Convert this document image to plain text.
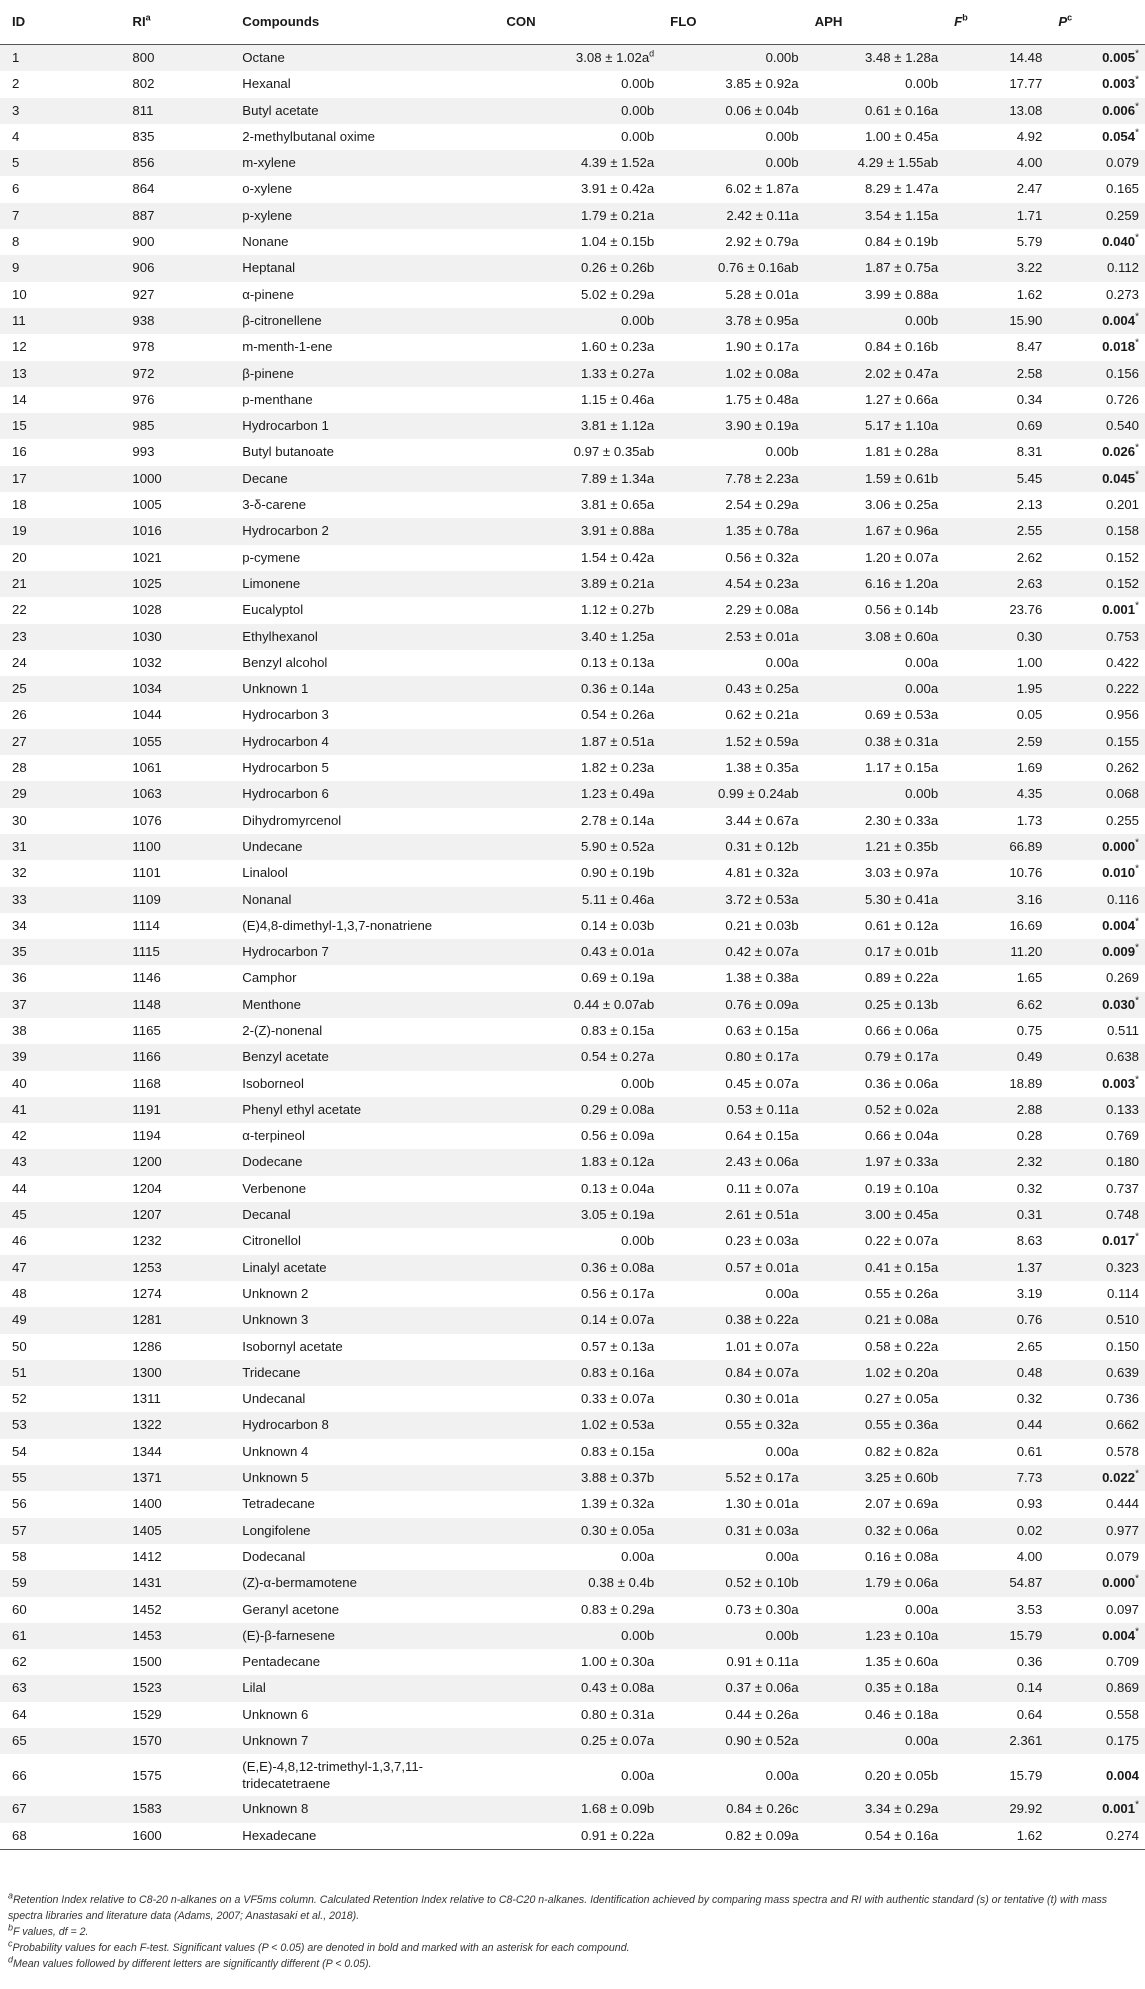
ID	$RI^a$	Compounds	CON	FLO	APH	$F^b$	$P^c$
1	800	Octane	$3.08 \pm 1.02a^d$	0.00b	3.48 ± 1.28a	14.48	0.005*
2	802	Hexanal	0.00b	3.85 ± 0.92a	0.00b	17.77	0.003*
3	811	Butyl acetate	0.00b	0.06 ± 0.04b	0.61 ± 0.16a	13.08	0.006*
4	835	2-methylbutanal oxime	0.00b	0.00b	1.00 ± 0.45a	4.92	0.054*
5	856	m-xylene	4.39 ± 1.52a	0.00b	4.29 ± 1.55ab	4.00	0.079
6	864	o-xylene	3.91 ± 0.42a	6.02 ± 1.87a	8.29 ± 1.47a	2.47	0.165
7	887	p-xylene	1.79 ± 0.21a	2.42 ± 0.11a	3.54 ± 1.15a	1.71	0.259
8	900	Nonane	1.04 ± 0.15b	2.92 ± 0.79a	0.84 ± 0.19b	5.79	0.040*
9	906	Heptanal	0.26 ± 0.26b	0.76 ± 0.16ab	1.87 ± 0.75a	3.22	0.112
10	927	α-pinene	5.02 ± 0.29a	5.28 ± 0.01a	3.99 ± 0.88a	1.62	0.273
11	938	β-citronellene	0.00b	3.78 ± 0.95a	0.00b	15.90	0.004*
12	978	m-menth-1-ene	1.60 ± 0.23a	1.90 ± 0.17a	0.84 ± 0.16b	8.47	0.018*
13	972	β-pinene	1.33 ± 0.27a	1.02 ± 0.08a	2.02 ± 0.47a	2.58	0.156
14	976	p-menthane	1.15 ± 0.46a	1.75 ± 0.48a	1.27 ± 0.66a	0.34	0.726
15	985	Hydrocarbon 1	3.81 ± 1.12a	3.90 ± 0.19a	5.17 ± 1.10a	0.69	0.540
16	993	Butyl butanoate	0.97 ± 0.35ab	0.00b	1.81 ± 0.28a	8.31	0.026*
17	1000	Decane	7.89 ± 1.34a	7.78 ± 2.23a	1.59 ± 0.61b	5.45	0.045*
18	1005	3-δ-carene	3.81 ± 0.65a	2.54 ± 0.29a	3.06 ± 0.25a	2.13	0.201
19	1016	Hydrocarbon 2	3.91 ± 0.88a	1.35 ± 0.78a	1.67 ± 0.96a	2.55	0.158
20	1021	p-cymene	1.54 ± 0.42a	0.56 ± 0.32a	1.20 ± 0.07a	2.62	0.152
21	1025	Limonene	3.89 ± 0.21a	4.54 ± 0.23a	6.16 ± 1.20a	2.63	0.152
22	1028	Eucalyptol	1.12 ± 0.27b	2.29 ± 0.08a	0.56 ± 0.14b	23.76	0.001*
23	1030	Ethylhexanol	3.40 ± 1.25a	2.53 ± 0.01a	3.08 ± 0.60a	0.30	0.753
24	1032	Benzyl alcohol	0.13 ± 0.13a	0.00a	0.00a	1.00	0.422
25	1034	Unknown 1	0.36 ± 0.14a	0.43 ± 0.25a	0.00a	1.95	0.222
26	1044	Hydrocarbon 3	0.54 ± 0.26a	0.62 ± 0.21a	0.69 ± 0.53a	0.05	0.956
27	1055	Hydrocarbon 4	1.87 ± 0.51a	1.52 ± 0.59a	0.38 ± 0.31a	2.59	0.155
28	1061	Hydrocarbon 5	1.82 ± 0.23a	1.38 ± 0.35a	1.17 ± 0.15a	1.69	0.262
29	1063	Hydrocarbon 6	1.23 ± 0.49a	0.99 ± 0.24ab	0.00b	4.35	0.068
30	1076	Dihydromyrcenol	2.78 ± 0.14a	3.44 ± 0.67a	2.30 ± 0.33a	1.73	0.255
31	1100	Undecane	5.90 ± 0.52a	0.31 ± 0.12b	1.21 ± 0.35b	66.89	0.000*
32	1101	Linalool	0.90 ± 0.19b	4.81 ± 0.32a	3.03 ± 0.97a	10.76	0.010*
33	1109	Nonanal	5.11 ± 0.46a	3.72 ± 0.53a	5.30 ± 0.41a	3.16	0.116
34	1114	(E)4,8-dimethyl-1,3,7-nonatriene	0.14 ± 0.03b	0.21 ± 0.03b	0.61 ± 0.12a	16.69	0.004*
35	1115	Hydrocarbon 7	0.43 ± 0.01a	0.42 ± 0.07a	0.17 ± 0.01b	11.20	0.009*
36	1146	Camphor	0.69 ± 0.19a	1.38 ± 0.38a	0.89 ± 0.22a	1.65	0.269
37	1148	Menthone	0.44 ± 0.07ab	0.76 ± 0.09a	0.25 ± 0.13b	6.62	0.030*
38	1165	2-(Z)-nonenal	0.83 ± 0.15a	0.63 ± 0.15a	0.66 ± 0.06a	0.75	0.511
39	1166	Benzyl acetate	0.54 ± 0.27a	0.80 ± 0.17a	0.79 ± 0.17a	0.49	0.638
40	1168	Isoborneol	0.00b	0.45 ± 0.07a	0.36 ± 0.06a	18.89	0.003*
41	1191	Phenyl ethyl acetate	0.29 ± 0.08a	0.53 ± 0.11a	0.52 ± 0.02a	2.88	0.133
42	1194	α-terpineol	0.56 ± 0.09a	0.64 ± 0.15a	0.66 ± 0.04a	0.28	0.769
43	1200	Dodecane	1.83 ± 0.12a	2.43 ± 0.06a	1.97 ± 0.33a	2.32	0.180
44	1204	Verbenone	0.13 ± 0.04a	0.11 ± 0.07a	0.19 ± 0.10a	0.32	0.737
45	1207	Decanal	3.05 ± 0.19a	2.61 ± 0.51a	3.00 ± 0.45a	0.31	0.748
46	1232	Citronellol	0.00b	0.23 ± 0.03a	0.22 ± 0.07a	8.63	0.017*
47	1253	Linalyl acetate	0.36 ± 0.08a	0.57 ± 0.01a	0.41 ± 0.15a	1.37	0.323
48	1274	Unknown 2	0.56 ± 0.17a	0.00a	0.55 ± 0.26a	3.19	0.114
49	1281	Unknown 3	0.14 ± 0.07a	0.38 ± 0.22a	0.21 ± 0.08a	0.76	0.510
50	1286	Isobornyl acetate	0.57 ± 0.13a	1.01 ± 0.07a	0.58 ± 0.22a	2.65	0.150
51	1300	Tridecane	0.83 ± 0.16a	0.84 ± 0.07a	1.02 ± 0.20a	0.48	0.639
52	1311	Undecanal	0.33 ± 0.07a	0.30 ± 0.01a	0.27 ± 0.05a	0.32	0.736
53	1322	Hydrocarbon 8	1.02 ± 0.53a	0.55 ± 0.32a	0.55 ± 0.36a	0.44	0.662
54	1344	Unknown 4	0.83 ± 0.15a	0.00a	0.82 ± 0.82a	0.61	0.578
55	1371	Unknown 5	3.88 ± 0.37b	5.52 ± 0.17a	3.25 ± 0.60b	7.73	0.022*
56	1400	Tetradecane	1.39 ± 0.32a	1.30 ± 0.01a	2.07 ± 0.69a	0.93	0.444
57	1405	Longifolene	0.30 ± 0.05a	0.31 ± 0.03a	0.32 ± 0.06a	0.02	0.977
58	1412	Dodecanal	0.00a	0.00a	0.16 ± 0.08a	4.00	0.079
59	1431	(Z)-α-bermamotene	0.38 ± 0.4b	0.52 ± 0.10b	1.79 ± 0.06a	54.87	0.000*
60	1452	Geranyl acetone	0.83 ± 0.29a	0.73 ± 0.30a	0.00a	3.53	0.097
61	1453	(E)-β-farnesene	0.00b	0.00b	1.23 ± 0.10a	15.79	0.004*
62	1500	Pentadecane	1.00 ± 0.30a	0.91 ± 0.11a	1.35 ± 0.60a	0.36	0.709
63	1523	Lilal	0.43 ± 0.08a	0.37 ± 0.06a	0.35 ± 0.18a	0.14	0.869
64	1529	Unknown 6	0.80 ± 0.31a	0.44 ± 0.26a	0.46 ± 0.18a	0.64	0.558
65	1570	Unknown 7	0.25 ± 0.07a	0.90 ± 0.52a	0.00a	2.361	0.175
66	1575	(E,E)-4,8,12-trimethyl-1,3,7,11-tridecatetraene	0.00a	0.00a	0.20 ± 0.05b	15.79	0.004
67	1583	Unknown 8	1.68 ± 0.09b	0.84 ± 0.26c	3.34 ± 0.29a	29.92	0.001*
68	1600	Hexadecane	0.91 ± 0.22a	0.82 ± 0.09a	0.54 ± 0.16a	1.62	0.274

$^a$Retention Index relative to C8-20 n-alkanes on a VF5ms column. Calculated Retention Index relative to C8-C20 n-alkanes. Identification achieved by comparing mass spectra and RI with authentic standard (s) or tentative (t) with mass spectra libraries and literature data (Adams, 2007; Anastasaki et al., 2018).

$^b$F values, df = 2.

$^c$Probability values for each F-test. Significant values (P < 0.05) are denoted in bold and marked with an asterisk for each compound.

$^d$Mean values followed by different letters are significantly different (P < 0.05).
